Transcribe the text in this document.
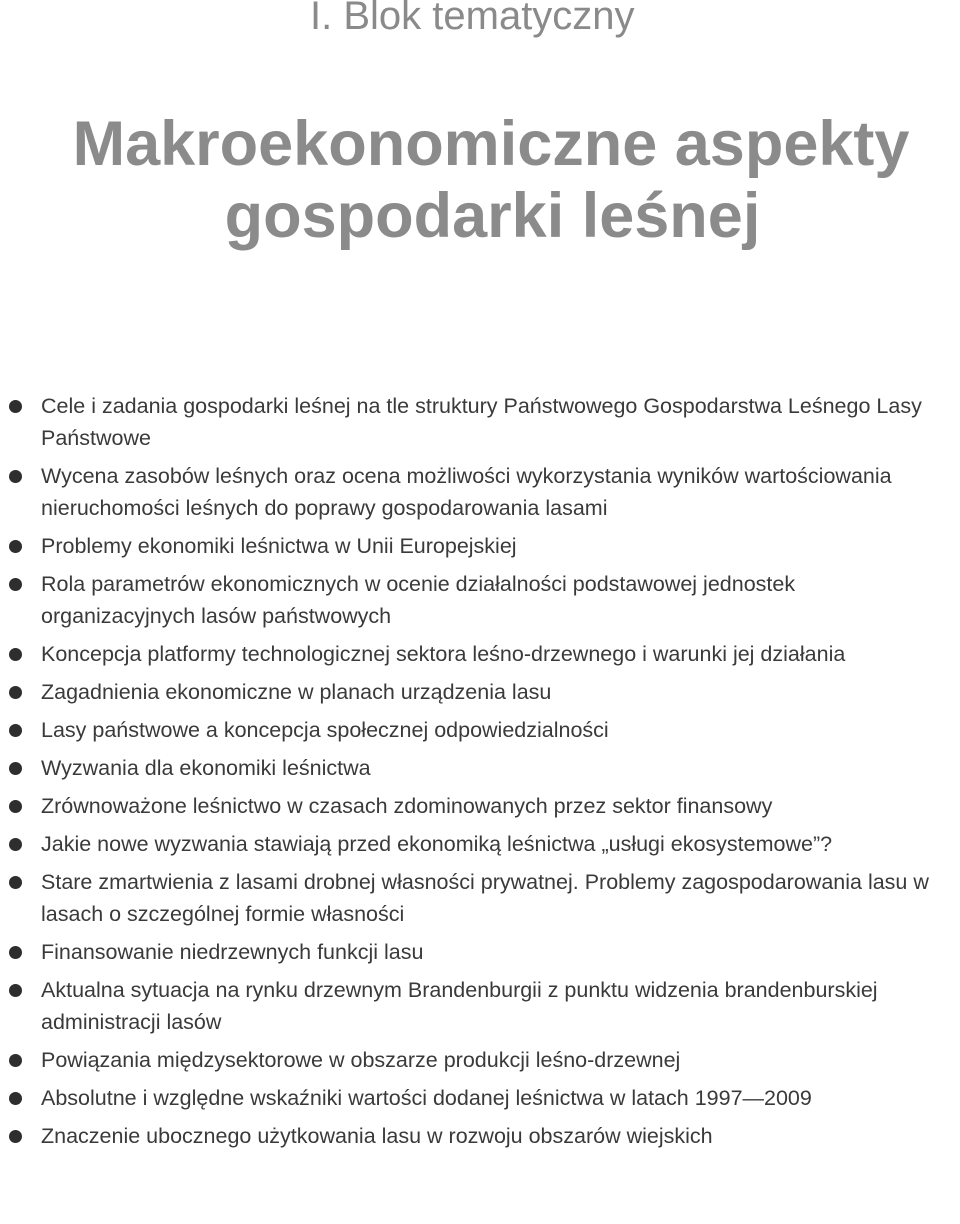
I. Blok tematyczny
Makroekonomiczne aspekty
gospodarki leśnej
Cele i zadania gospodarki leśnej na tle struktury Państwowego Gospodarstwa Leśnego Lasy Państwowe
Wycena zasobów leśnych oraz ocena możliwości wykorzystania wyników wartościowania nieruchomości leśnych do poprawy gospodarowania lasami
Problemy ekonomiki leśnictwa w Unii Europejskiej
Rola parametrów ekonomicznych w ocenie działalności podstawowej jednostek organizacyjnych lasów państwowych
Koncepcja platformy technologicznej sektora leśno-drzewnego i warunki jej działania
Zagadnienia ekonomiczne w planach urządzenia lasu
Lasy państwowe a koncepcja społecznej odpowiedzialności
Wyzwania dla ekonomiki leśnictwa
Zrównoważone leśnictwo w czasach zdominowanych przez sektor finansowy
Jakie nowe wyzwania stawiają przed ekonomiką leśnictwa „usługi ekosystemowe”?
Stare zmartwienia z lasami drobnej własności prywatnej. Problemy zagospodarowania lasu w lasach o szczególnej formie własności
Finansowanie niedrzewnych funkcji lasu
Aktualna sytuacja na rynku drzewnym Brandenburgii z punktu widzenia brandenburskiej administracji lasów
Powiązania międzysektorowe w obszarze produkcji leśno-drzewnej
Absolutne i względne wskaźniki wartości dodanej leśnictwa w latach 1997—2009
Znaczenie ubocznego użytkowania lasu w rozwoju obszarów wiejskich
